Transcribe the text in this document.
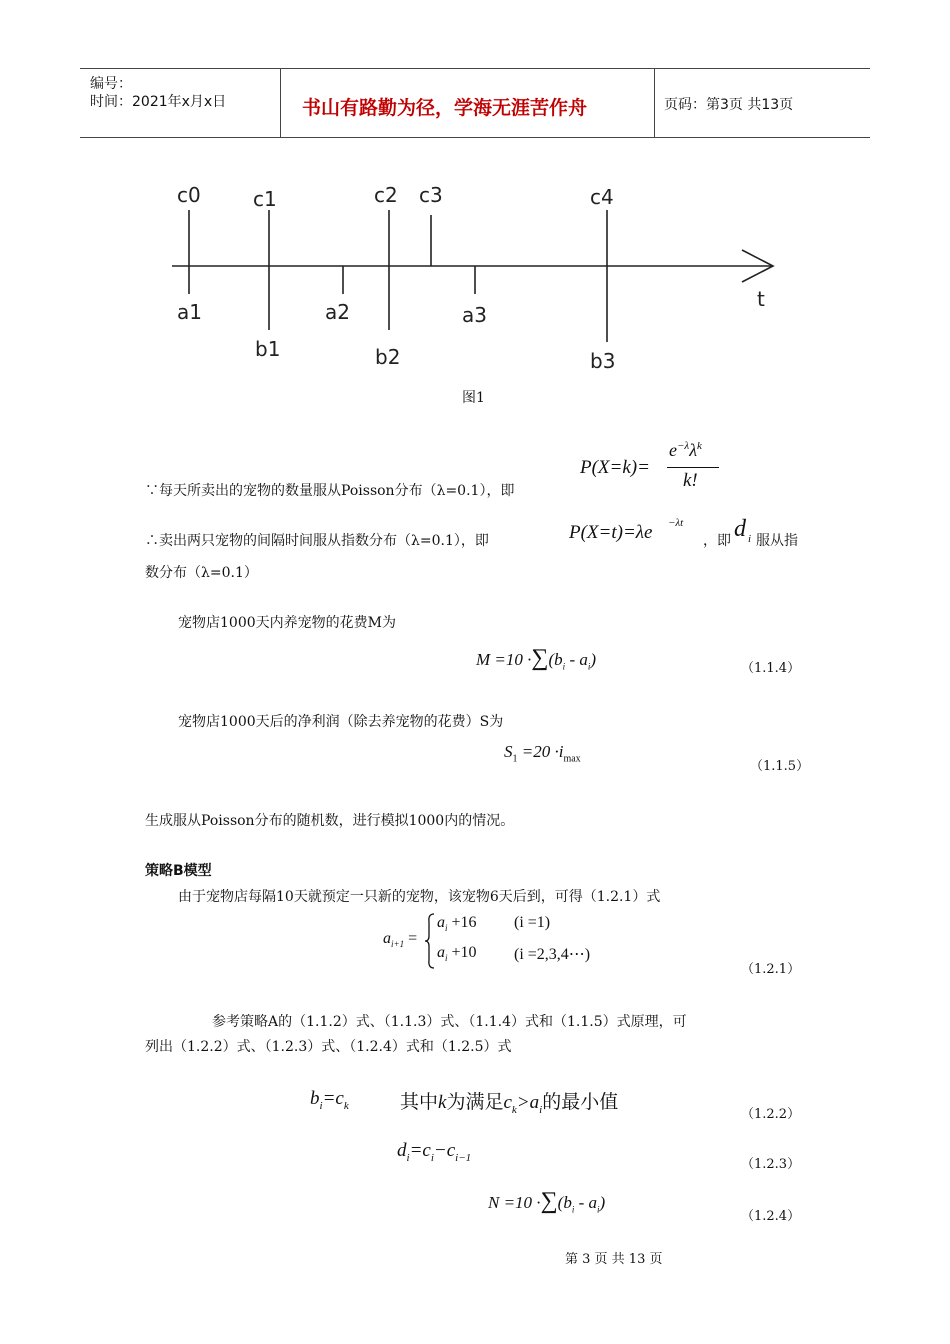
编号：
时间：2021年x月x日	书山有路勤为径，学海无涯苦作舟	页码：第3页 共13页
c0	c1	c2 c3	c4
a1	a2	a3
b1	b2	b3
t
图1
∵每天所卖出的宠物的数量服从Poisson分布（λ=0.1），即
P(X=k)=
$e^{-\lambda}\lambda^k$
k!
∴卖出两只宠物的间隔时间服从指数分布（λ=0.1），即	P(X=t)=λe −λt
，即 d i 服从指
数分布（λ=0.1）
宠物店1000天内养宠物的花费M为
$M =10 \cdot\sum(b_i - a_i)$	（1.1.4）
宠物店1000天后的净利润（除去养宠物的花费）S为
$S_1 =20 \cdot i_{max}$
（1.1.5）
生成服从Poisson分布的随机数，进行模拟1000内的情况。
策略B模型
由于宠物店每隔10天就预定一只新的宠物，该宠物6天后到，可得（1.2.1）式
$a_{i+1}$ =
$a_i +16$ (i =1)
$a_i +10$ (i =2,3,4⋯)
（1.2.1）
参考策略A的（1.1.2）式、（1.1.3）式、（1.1.4）式和（1.1.5）式原理，可
列出（1.2.2）式、（1.2.3）式、（1.2.4）式和（1.2.5）式
$b_i=c_k$	其中k为满足$c_k>a_i$的最小值
（1.2.2）
$d_i=c_i-c_{i-1}$	（1.2.3）
$N =10 \cdot\sum(b_i - a_i)$
（1.2.4）
第 3 页 共 13 页
